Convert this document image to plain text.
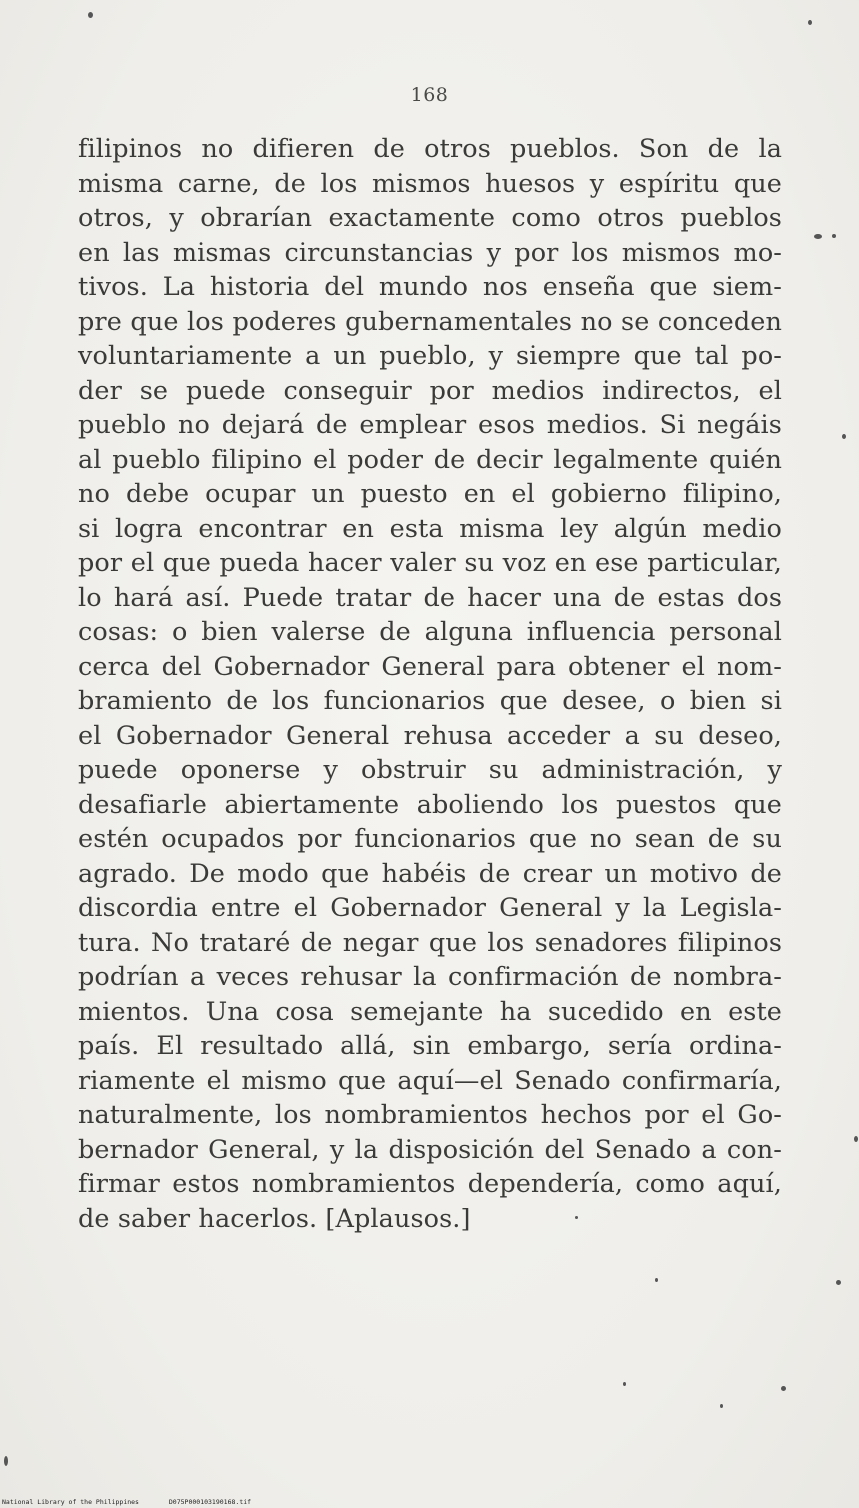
168
filipinos no difieren de otros pueblos. Son de la
misma carne, de los mismos huesos y espíritu que
otros, y obrarían exactamente como otros pueblos
en las mismas circunstancias y por los mismos mo-
tivos. La historia del mundo nos enseña que siem-
pre que los poderes gubernamentales no se conceden
voluntariamente a un pueblo, y siempre que tal po-
der se puede conseguir por medios indirectos, el
pueblo no dejará de emplear esos medios. Si negáis
al pueblo filipino el poder de decir legalmente quién
no debe ocupar un puesto en el gobierno filipino,
si logra encontrar en esta misma ley algún medio
por el que pueda hacer valer su voz en ese particular,
lo hará así. Puede tratar de hacer una de estas dos
cosas: o bien valerse de alguna influencia personal
cerca del Gobernador General para obtener el nom-
bramiento de los funcionarios que desee, o bien si
el Gobernador General rehusa acceder a su deseo,
puede oponerse y obstruir su administración, y
desafiarle abiertamente aboliendo los puestos que
estén ocupados por funcionarios que no sean de su
agrado. De modo que habéis de crear un motivo de
discordia entre el Gobernador General y la Legisla-
tura. No trataré de negar que los senadores filipinos
podrían a veces rehusar la confirmación de nombra-
mientos. Una cosa semejante ha sucedido en este
país. El resultado allá, sin embargo, sería ordina-
riamente el mismo que aquí—el Senado confirmaría,
naturalmente, los nombramientos hechos por el Go-
bernador General, y la disposición del Senado a con-
firmar estos nombramientos dependería, como aquí,
de saber hacerlos. [Aplausos.]
National Library of the Philippines	D075P000103190168.tif
